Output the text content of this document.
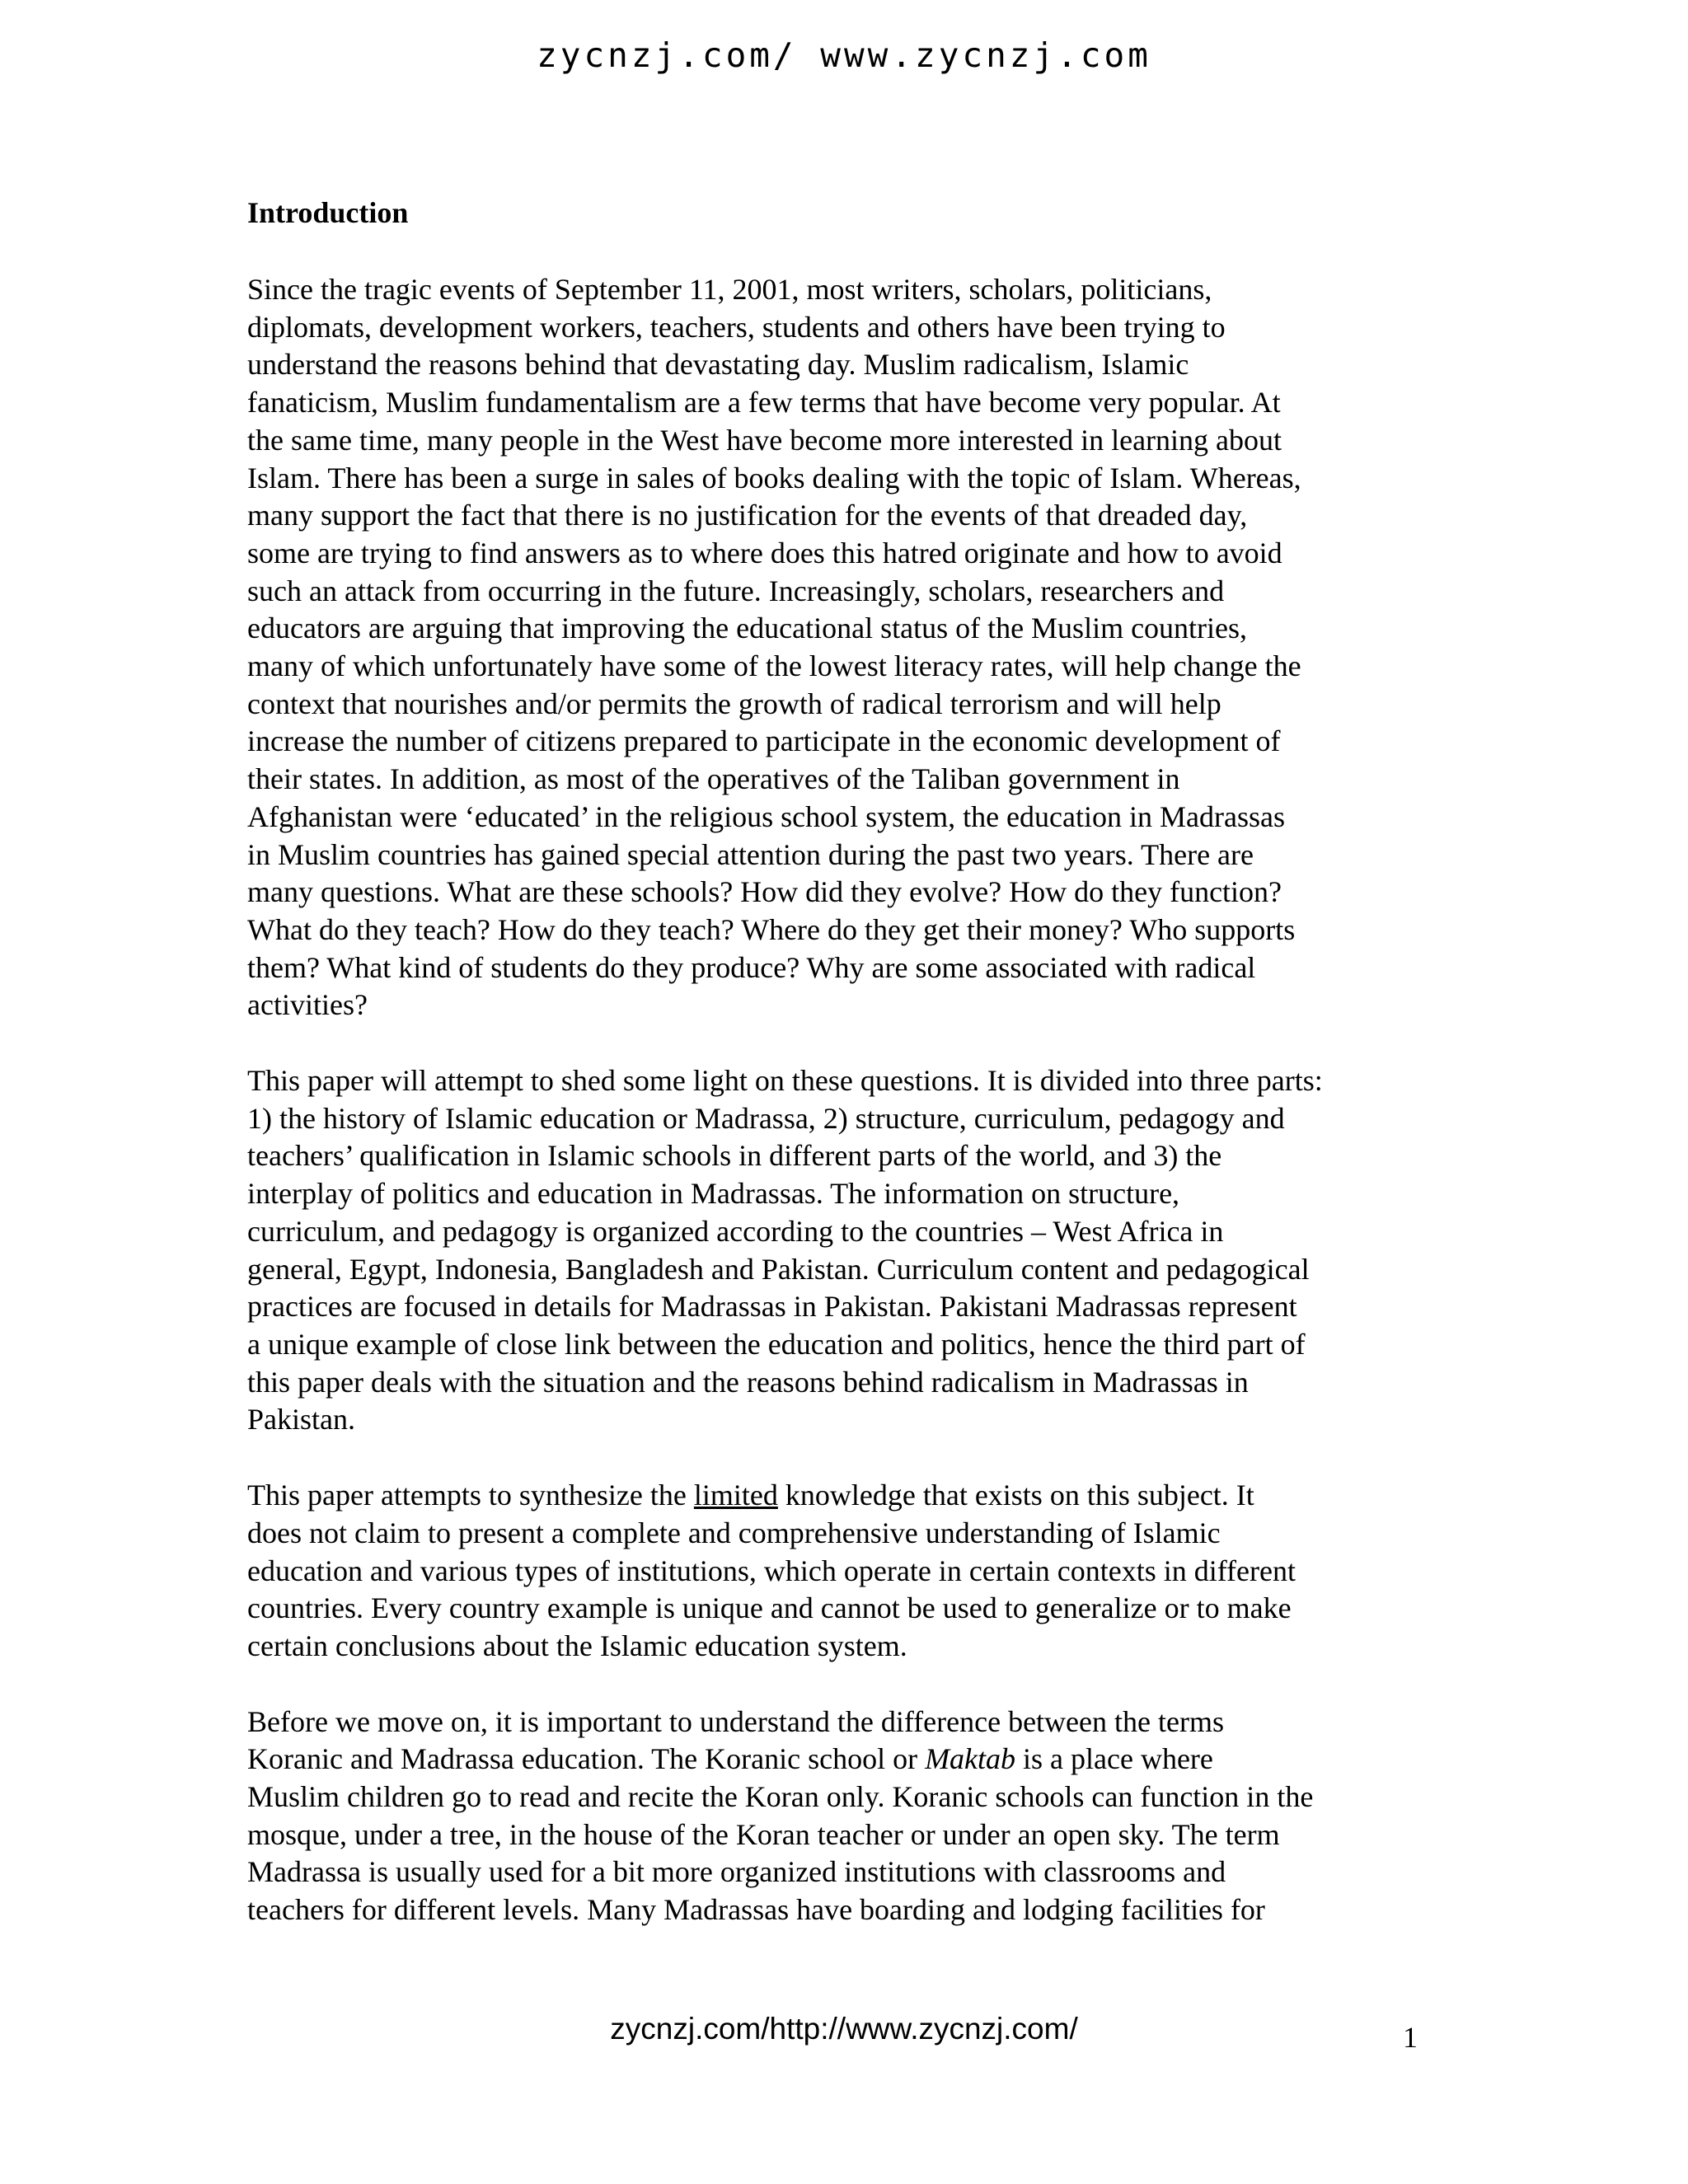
zycnzj.com/ www.zycnzj.com
Introduction
Since the tragic events of September 11, 2001, most writers, scholars, politicians,
diplomats, development workers, teachers, students and others have been trying to
understand the reasons behind that devastating day. Muslim radicalism, Islamic
fanaticism, Muslim fundamentalism are a few terms that have become very popular. At
the same time, many people in the West have become more interested in learning about
Islam. There has been a surge in sales of books dealing with the topic of Islam. Whereas,
many support the fact that there is no justification for the events of that dreaded day,
some are trying to find answers as to where does this hatred originate and how to avoid
such an attack from occurring in the future. Increasingly, scholars, researchers and
educators are arguing that improving the educational status of the Muslim countries,
many of which unfortunately have some of the lowest literacy rates, will help change the
context that nourishes and/or permits the growth of radical terrorism and will help
increase the number of citizens prepared to participate in the economic development of
their states. In addition, as most of the operatives of the Taliban government in
Afghanistan were ‘educated’ in the religious school system, the education in Madrassas
in Muslim countries has gained special attention during the past two years. There are
many questions. What are these schools? How did they evolve? How do they function?
What do they teach? How do they teach? Where do they get their money? Who supports
them? What kind of students do they produce? Why are some associated with radical
activities?
This paper will attempt to shed some light on these questions. It is divided into three parts:
1) the history of Islamic education or Madrassa, 2) structure, curriculum, pedagogy and
teachers’ qualification in Islamic schools in different parts of the world, and 3) the
interplay of politics and education in Madrassas. The information on structure,
curriculum, and pedagogy is organized according to the countries – West Africa in
general, Egypt, Indonesia, Bangladesh and Pakistan. Curriculum content and pedagogical
practices are focused in details for Madrassas in Pakistan. Pakistani Madrassas represent
a unique example of close link between the education and politics, hence the third part of
this paper deals with the situation and the reasons behind radicalism in Madrassas in
Pakistan.
This paper attempts to synthesize the limited knowledge that exists on this subject. It
does not claim to present a complete and comprehensive understanding of Islamic
education and various types of institutions, which operate in certain contexts in different
countries. Every country example is unique and cannot be used to generalize or to make
certain conclusions about the Islamic education system.
Before we move on, it is important to understand the difference between the terms
Koranic and Madrassa education. The Koranic school or Maktab is a place where
Muslim children go to read and recite the Koran only. Koranic schools can function in the
mosque, under a tree, in the house of the Koran teacher or under an open sky. The term
Madrassa is usually used for a bit more organized institutions with classrooms and
teachers for different levels. Many Madrassas have boarding and lodging facilities for
zycnzj.com/http://www.zycnzj.com/	1
